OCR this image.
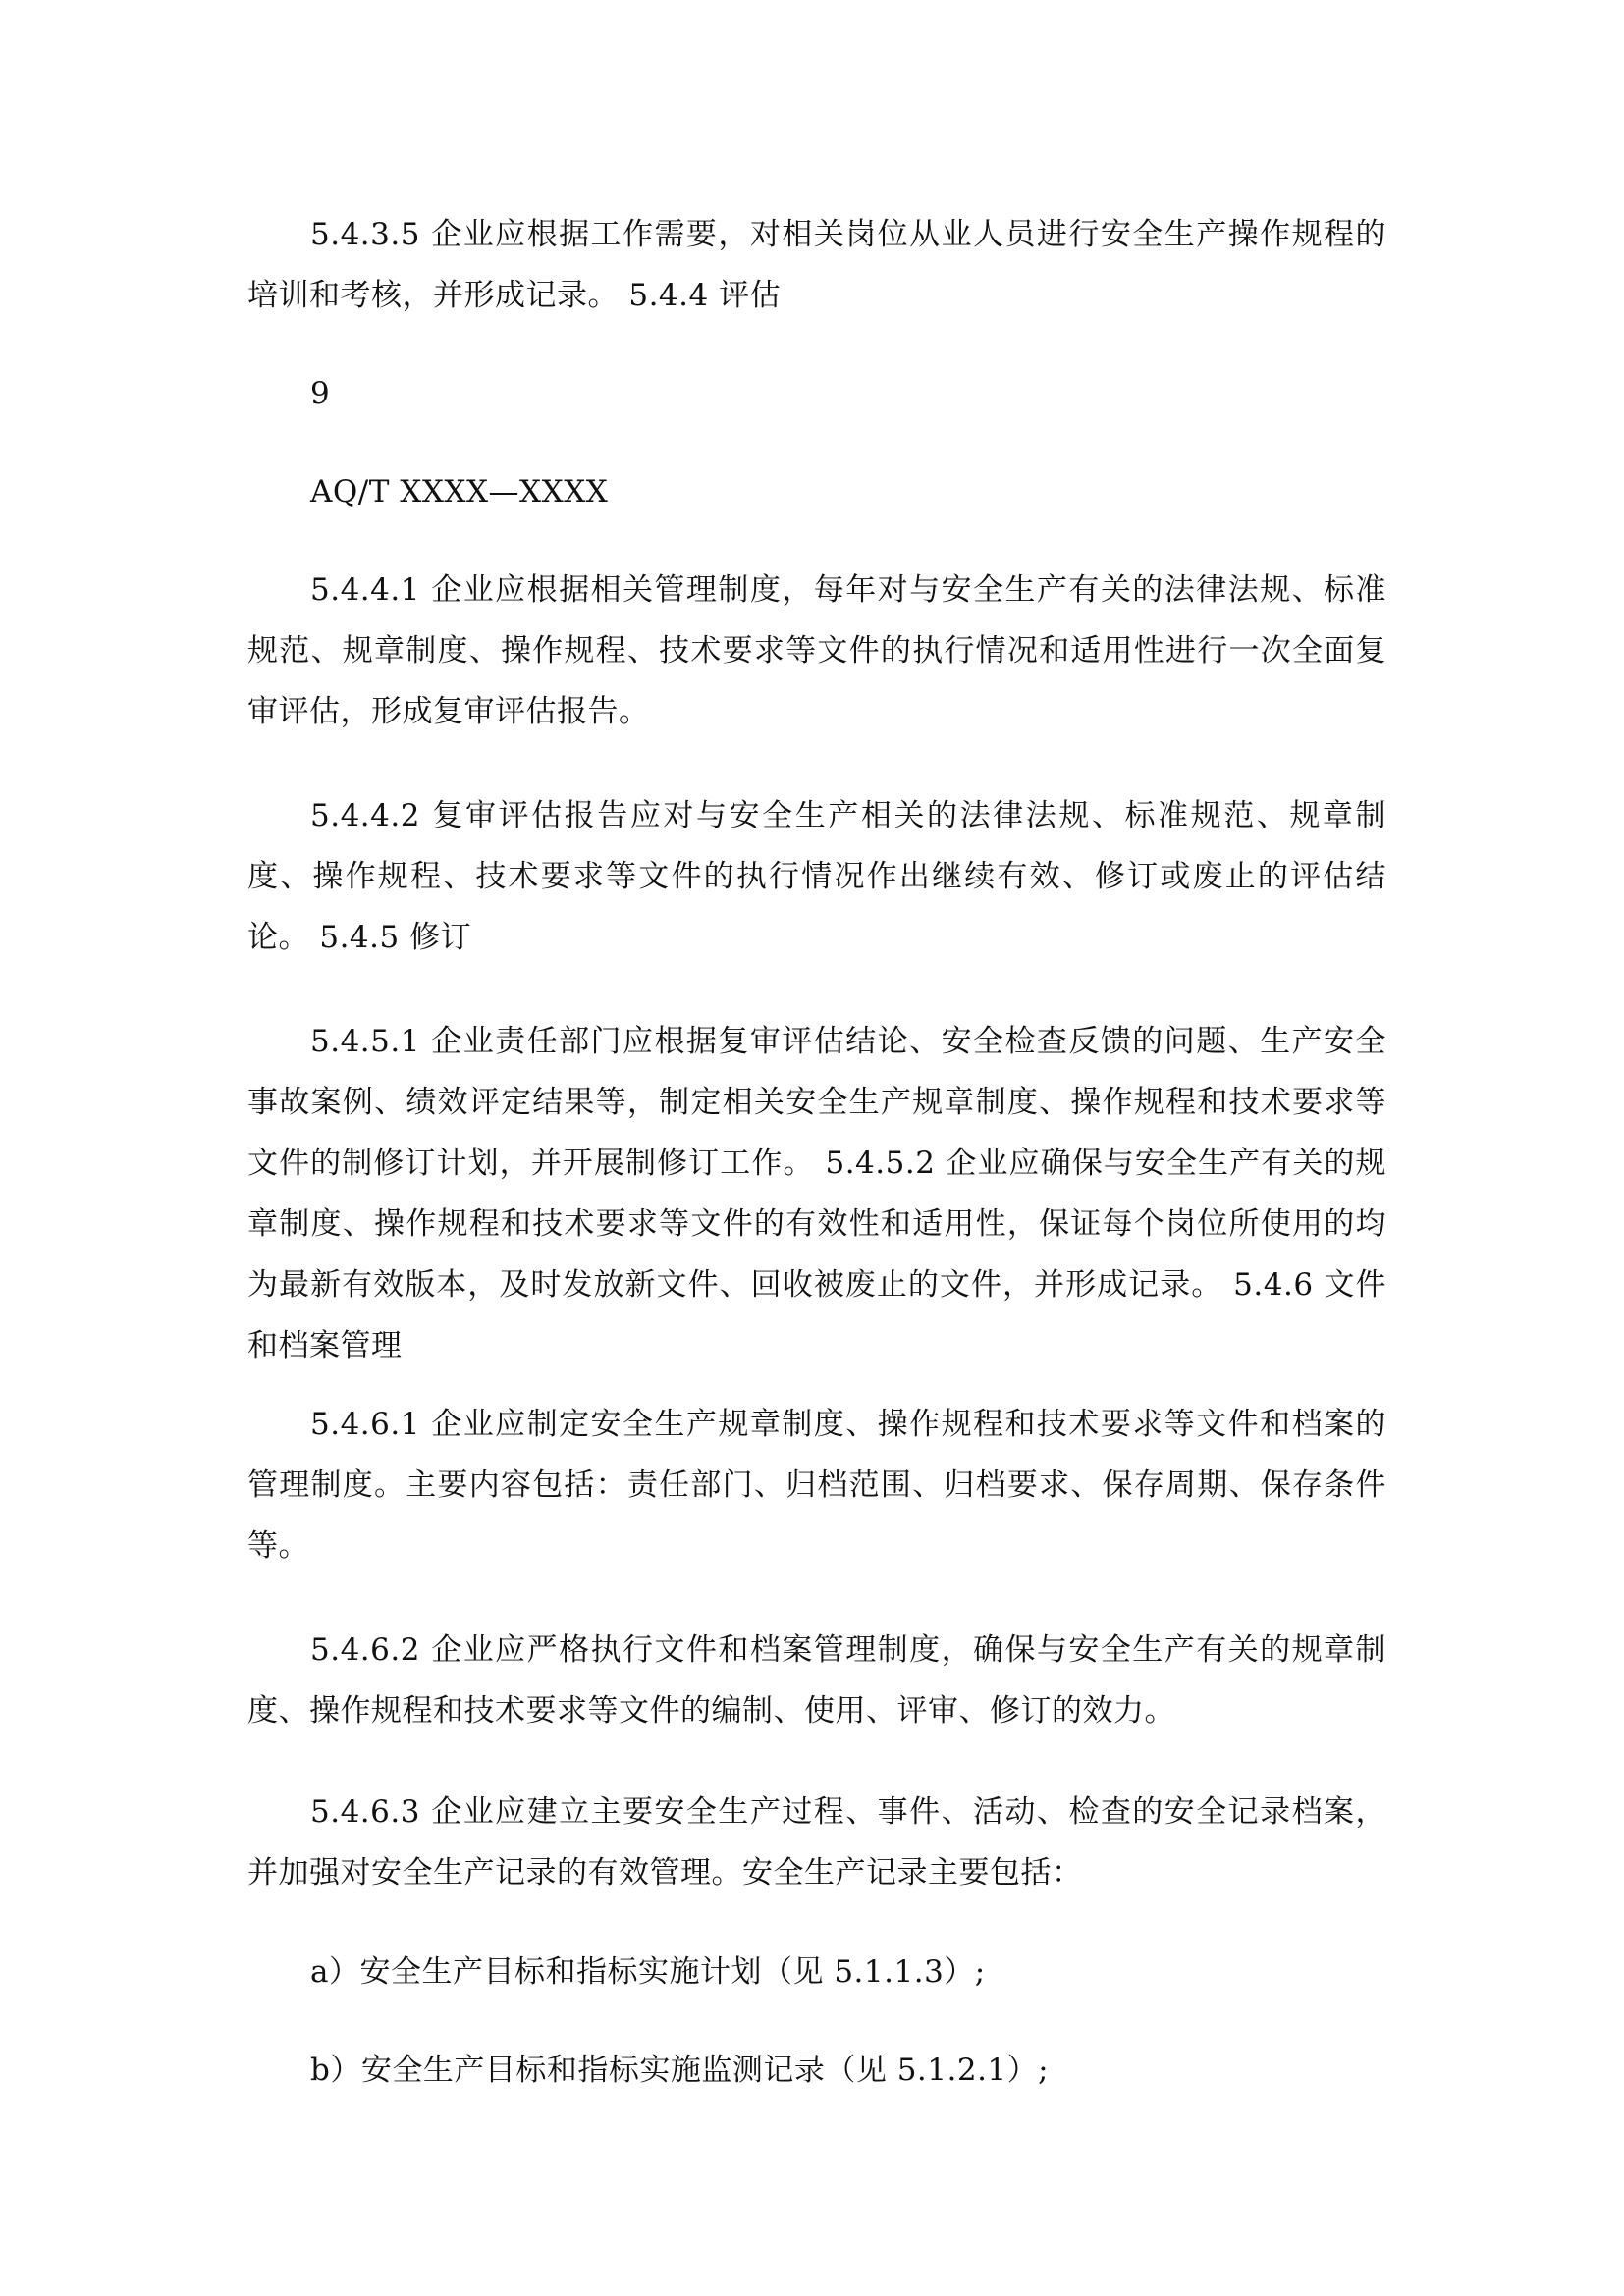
5.4.3.5 企业应根据工作需要，对相关岗位从业人员进行安全生产操作规程的培训和考核，并形成记录。 5.4.4 评估

9

AQ/T XXXX—XXXX

5.4.4.1 企业应根据相关管理制度，每年对与安全生产有关的法律法规、标准规范、规章制度、操作规程、技术要求等文件的执行情况和适用性进行一次全面复审评估，形成复审评估报告。

5.4.4.2 复审评估报告应对与安全生产相关的法律法规、标准规范、规章制度、操作规程、技术要求等文件的执行情况作出继续有效、修订或废止的评估结论。 5.4.5 修订

5.4.5.1 企业责任部门应根据复审评估结论、安全检查反馈的问题、生产安全事故案例、绩效评定结果等，制定相关安全生产规章制度、操作规程和技术要求等文件的制修订计划，并开展制修订工作。 5.4.5.2 企业应确保与安全生产有关的规章制度、操作规程和技术要求等文件的有效性和适用性，保证每个岗位所使用的均为最新有效版本，及时发放新文件、回收被废止的文件，并形成记录。 5.4.6 文件和档案管理

5.4.6.1 企业应制定安全生产规章制度、操作规程和技术要求等文件和档案的管理制度。主要内容包括：责任部门、归档范围、归档要求、保存周期、保存条件等。

5.4.6.2 企业应严格执行文件和档案管理制度，确保与安全生产有关的规章制度、操作规程和技术要求等文件的编制、使用、评审、修订的效力。

5.4.6.3 企业应建立主要安全生产过程、事件、活动、检查的安全记录档案，并加强对安全生产记录的有效管理。安全生产记录主要包括：

a）安全生产目标和指标实施计划（见 5.1.1.3）;

b）安全生产目标和指标实施监测记录（见 5.1.2.1）;
